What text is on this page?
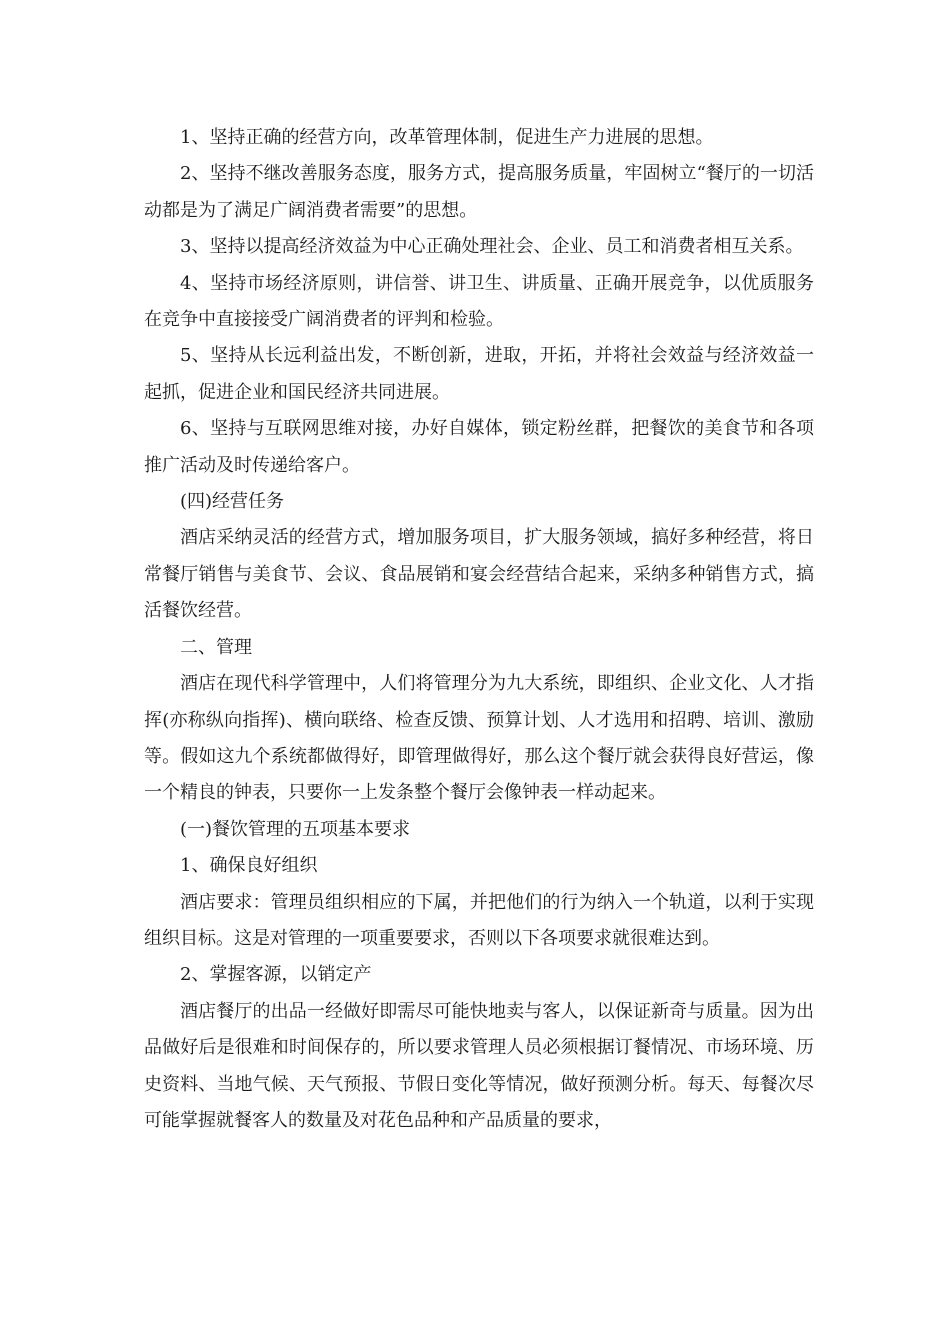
1、坚持正确的经营方向，改革管理体制，促进生产力进展的思想。

2、坚持不继改善服务态度，服务方式，提高服务质量，牢固树立“餐厅的一切活动都是为了满足广阔消费者需要”的思想。

3、坚持以提高经济效益为中心正确处理社会、企业、员工和消费者相互关系。

4、坚持市场经济原则，讲信誉、讲卫生、讲质量、正确开展竞争，以优质服务在竞争中直接接受广阔消费者的评判和检验。

5、坚持从长远利益出发，不断创新，进取，开拓，并将社会效益与经济效益一起抓，促进企业和国民经济共同进展。

6、坚持与互联网思维对接，办好自媒体，锁定粉丝群，把餐饮的美食节和各项推广活动及时传递给客户。

(四)经营任务

酒店采纳灵活的经营方式，增加服务项目，扩大服务领域，搞好多种经营，将日常餐厅销售与美食节、会议、食品展销和宴会经营结合起来，采纳多种销售方式，搞活餐饮经营。

二、管理

酒店在现代科学管理中，人们将管理分为九大系统，即组织、企业文化、人才指挥(亦称纵向指挥)、横向联络、检查反馈、预算计划、人才选用和招聘、培训、激励等。假如这九个系统都做得好，即管理做得好，那么这个餐厅就会获得良好营运，像一个精良的钟表，只要你一上发条整个餐厅会像钟表一样动起来。

(一)餐饮管理的五项基本要求

1、确保良好组织

酒店要求：管理员组织相应的下属，并把他们的行为纳入一个轨道，以利于实现组织目标。这是对管理的一项重要要求，否则以下各项要求就很难达到。

2、掌握客源，以销定产

酒店餐厅的出品一经做好即需尽可能快地卖与客人，以保证新奇与质量。因为出品做好后是很难和时间保存的，所以要求管理人员必须根据订餐情况、市场环境、历史资料、当地气候、天气预报、节假日变化等情况，做好预测分析。每天、每餐次尽可能掌握就餐客人的数量及对花色品种和产品质量的要求，
